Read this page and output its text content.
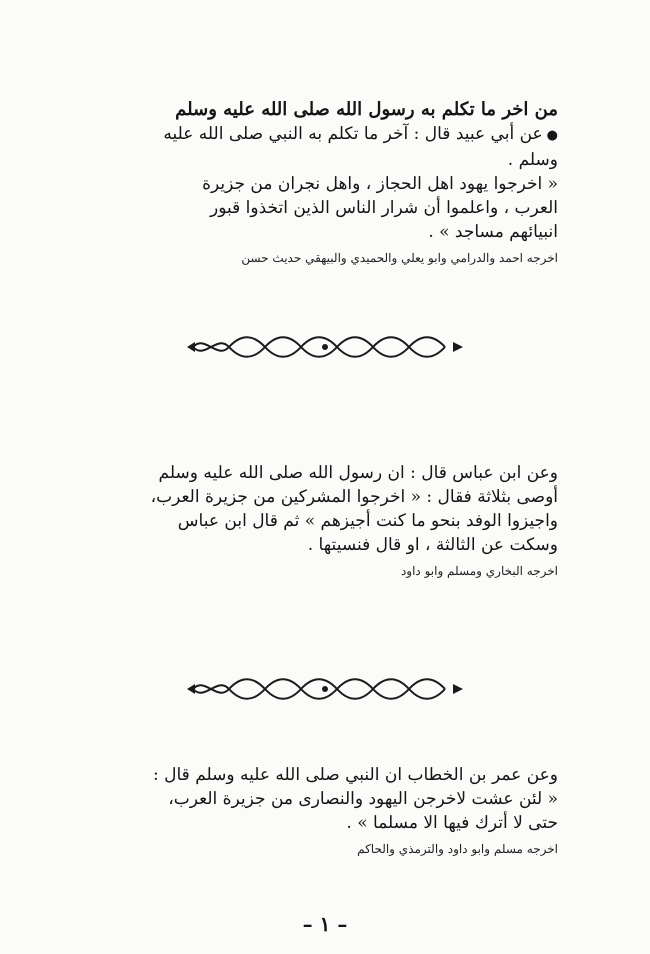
من اخر ما تكلم به رسول الله صلى الله عليه وسلم
●عن أبي عبيد قال : آخر ما تكلم به النبي صلى الله عليه
وسلم .
« اخرجوا يهود اهل الحجاز ، واهل نجران من جزيرة
العرب ، واعلموا أن شرار الناس الذين اتخذوا قبور
انبيائهم مساجد » .
اخرجه احمد والدرامي وابو يعلي والحميدي والبيهقي حديث حسن
وعن ابن عباس قال : ان رسول الله صلى الله عليه وسلم
أوصى بثلاثة فقال : « اخرجوا المشركين من جزيرة العرب،
واجيزوا الوفد بنحو ما كنت أجيزهم » ثم قال ابن عباس
وسكت عن الثالثة ، او قال فنسيتها .
اخرجه البخاري ومسلم وابو داود
وعن عمر بن الخطاب ان النبي صلى الله عليه وسلم قال :
« لئن عشت لاخرجن اليهود والنصارى من جزيرة العرب،
حتى لا أترك فيها الا مسلما » .
اخرجه مسلم وابو داود والترمذي والحاكم
– ١ –
